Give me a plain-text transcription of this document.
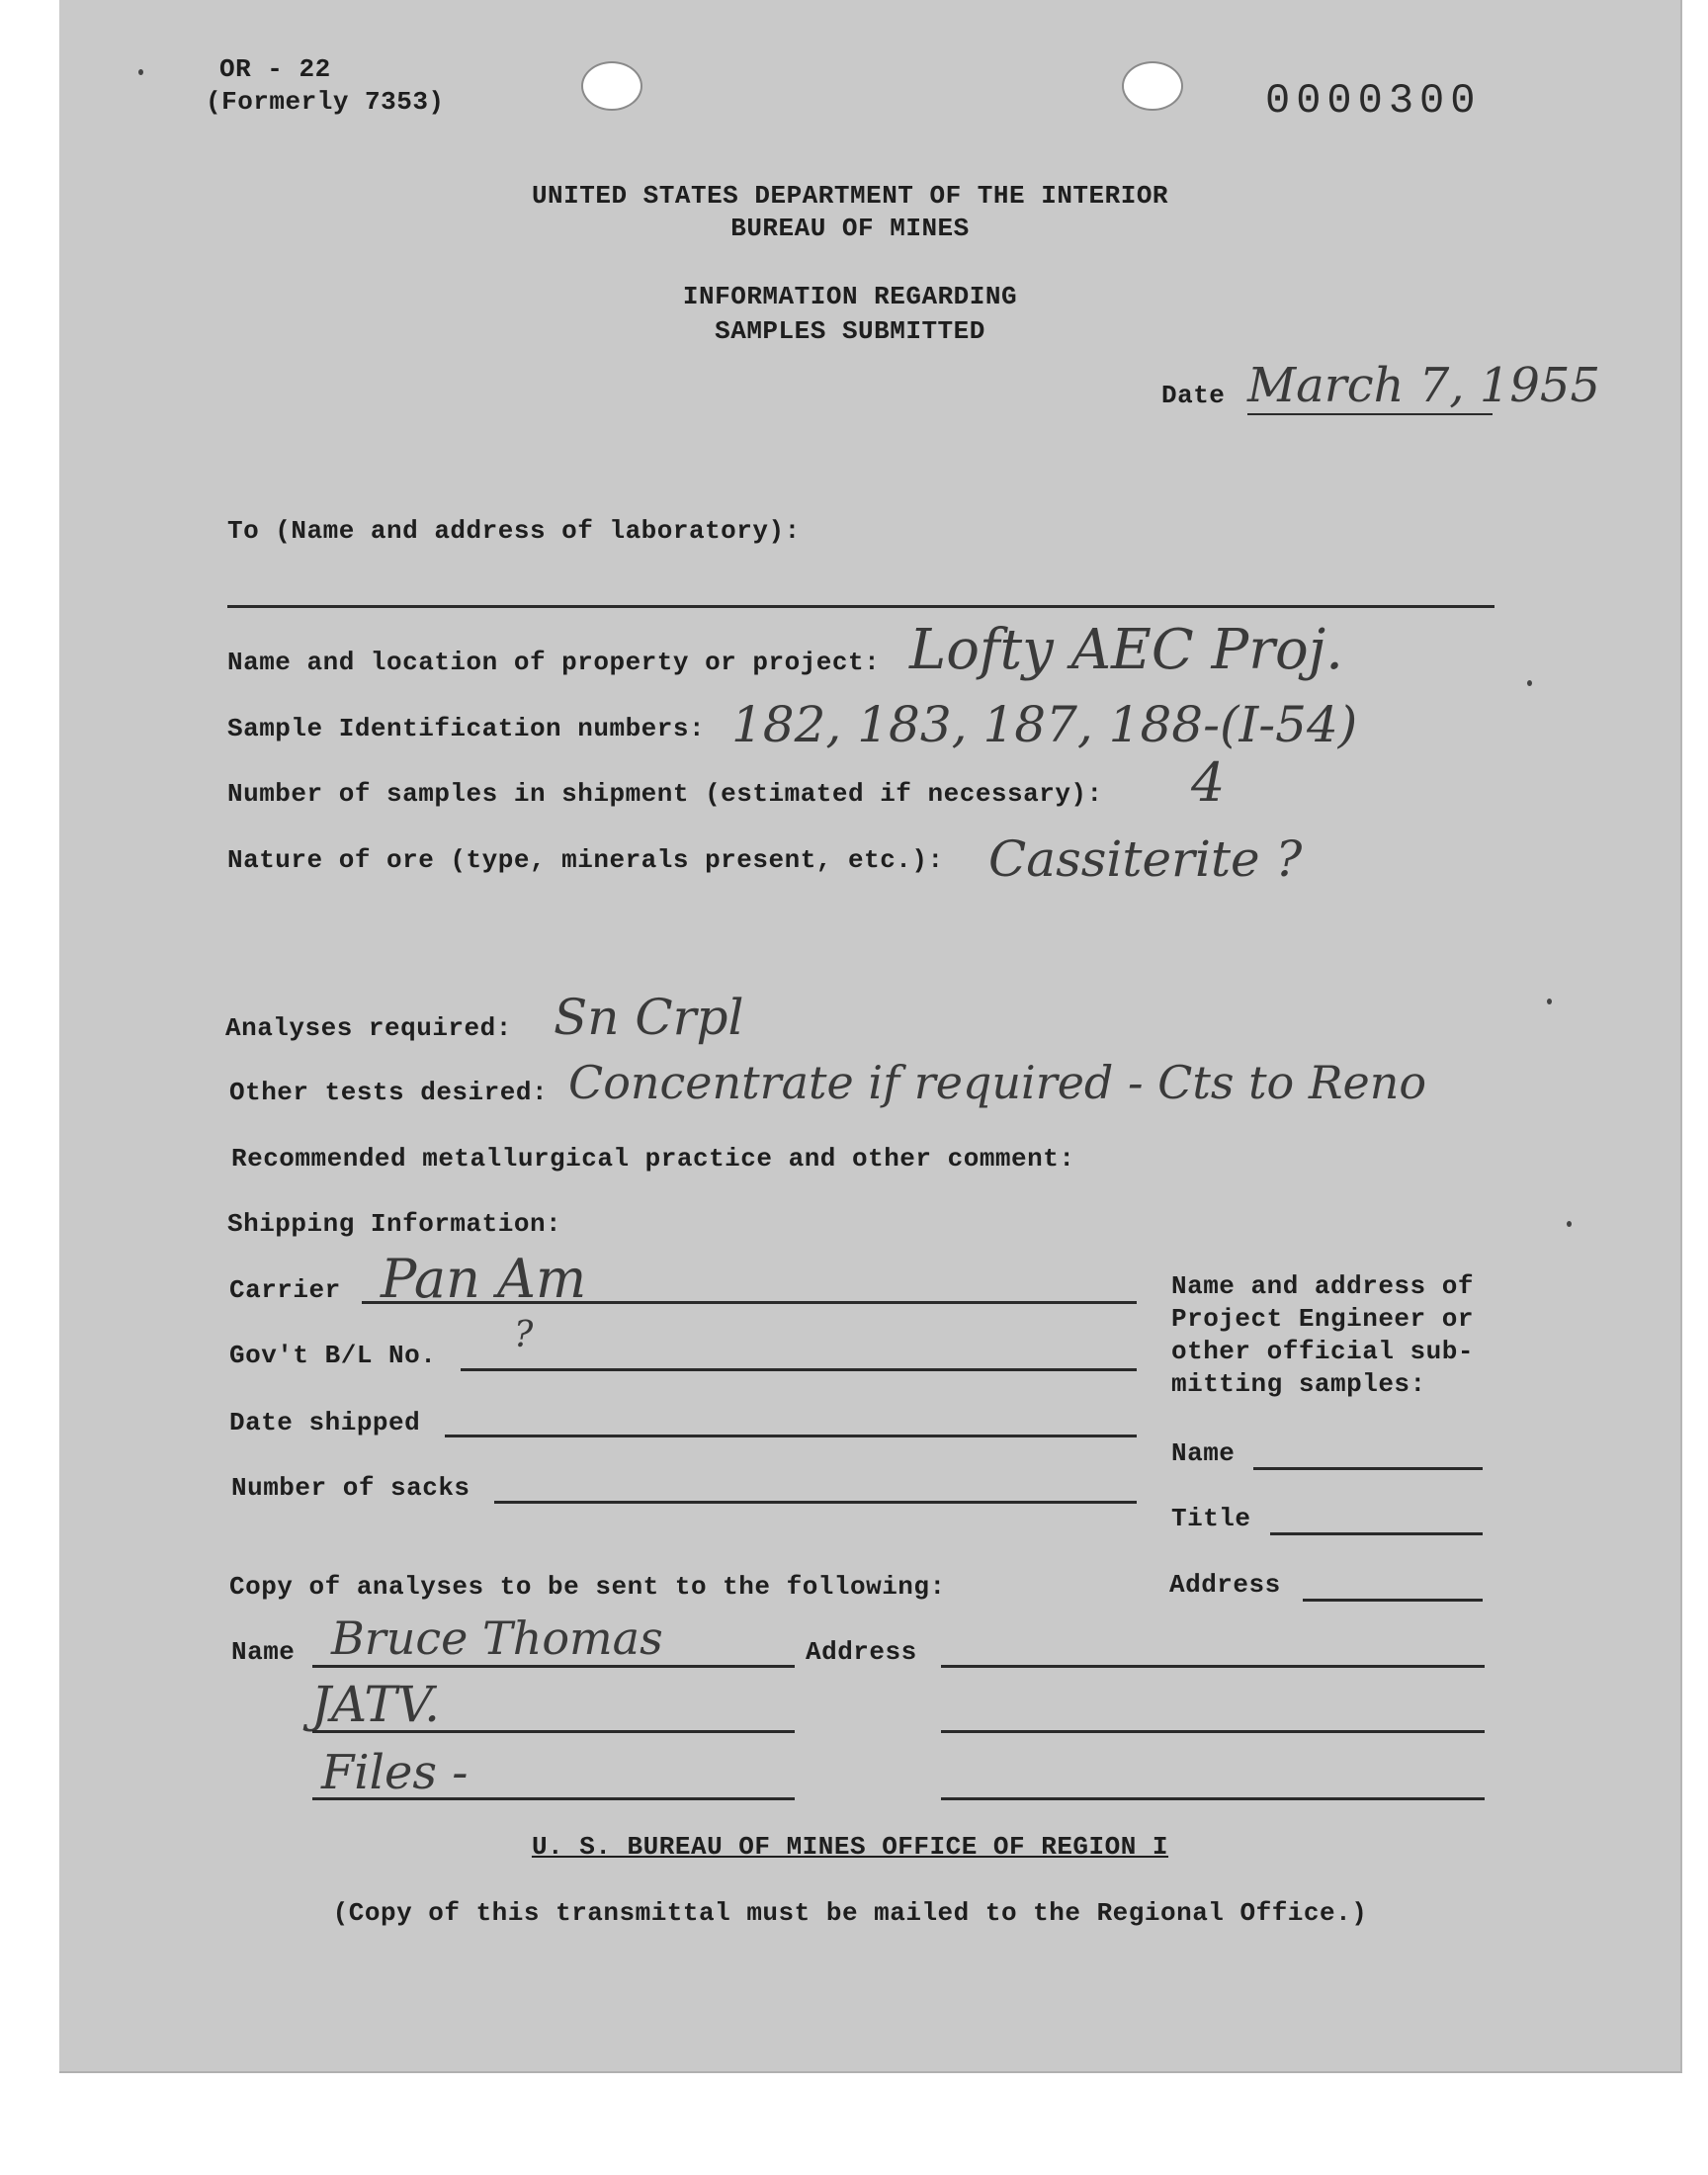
OR - 22
(Formerly 7353)	0000300
UNITED STATES DEPARTMENT OF THE INTERIOR
BUREAU OF MINES
INFORMATION REGARDING
SAMPLES SUBMITTED
Date March 7, 1955
To (Name and address of laboratory):
Name and location of property or project: Lofty AEC Proj.
Sample Identification numbers: 182, 183, 187, 188-(I-54)
Number of samples in shipment (estimated if necessary): 4
Nature of ore (type, minerals present, etc.): Cassiterite ?
Analyses required: Sn Crpl
Other tests desired: Concentrate if required - Cts to Reno
Recommended metallurgical practice and other comment:
Shipping Information:
Carrier Pan Am
Gov't B/L No. ?
Date shipped
Number of sacks
Name and address of
Project Engineer or
other official sub-
mitting samples:
Name
Title
Address
Copy of analyses to be sent to the following:
Name Bruce Thomas	Address
JATV.
Files -
U. S. BUREAU OF MINES OFFICE OF REGION I
(Copy of this transmittal must be mailed to the Regional Office.)
